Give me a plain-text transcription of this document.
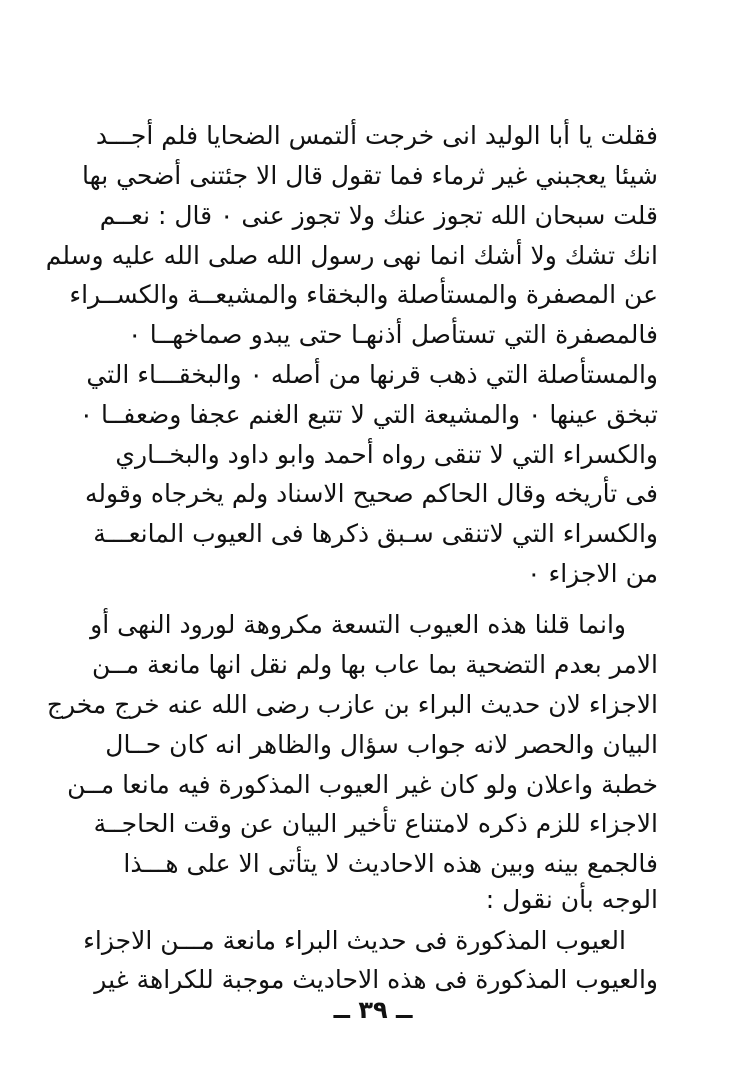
فقلت يا أبا الوليد انى خرجت ألتمس الضحايا فلم أجـــد
شيئا يعجبني غير ثرماء فما تقول قال الا جئتنى أضحي بها
قلت سبحان الله تجوز عنك ولا تجوز عنى ٠ قال : نعــم
انك تشك ولا أشك انما نهى رسول الله صلى الله عليه وسلم
عن المصفرة والمستأصلة والبخقاء والمشيعــة والكســراء
فالمصفرة التي تستأصل أذنهـا حتى يبدو صماخهــا ٠
والمستأصلة التي ذهب قرنها من أصله ٠ والبخقـــاء التي
تبخق عينها ٠ والمشيعة التي لا تتبع الغنم عجفا وضعفــا ٠
والكسراء التي لا تنقى رواه أحمد وابو داود والبخــاري
فى تأريخه وقال الحاكم صحيح الاسناد ولم يخرجاه وقوله
والكسراء التي لاتنقى سـبق ذكرها فى العيوب المانعـــة
من الاجزاء ٠
وانما قلنا هذه العيوب التسعة مكروهة لورود النهى أو
الامر بعدم التضحية بما عاب بها ولم نقل انها مانعة مــن
الاجزاء لان حديث البراء بن عازب رضى الله عنه خرج مخرج
البيان والحصر لانه جواب سؤال والظاهر انه كان حــال
خطبة واعلان ولو كان غير العيوب المذكورة فيه مانعا مــن
الاجزاء للزم ذكره لامتناع تأخير البيان عن وقت الحاجــة
فالجمع بينه وبين هذه الاحاديث لا يتأتى الا على هـــذا
الوجه بأن نقول :
العيوب المذكورة فى حديث البراء مانعة مـــن الاجزاء
والعيوب المذكورة فى هذه الاحاديث موجبة للكراهة غير
ــ ٣٩ ــ
